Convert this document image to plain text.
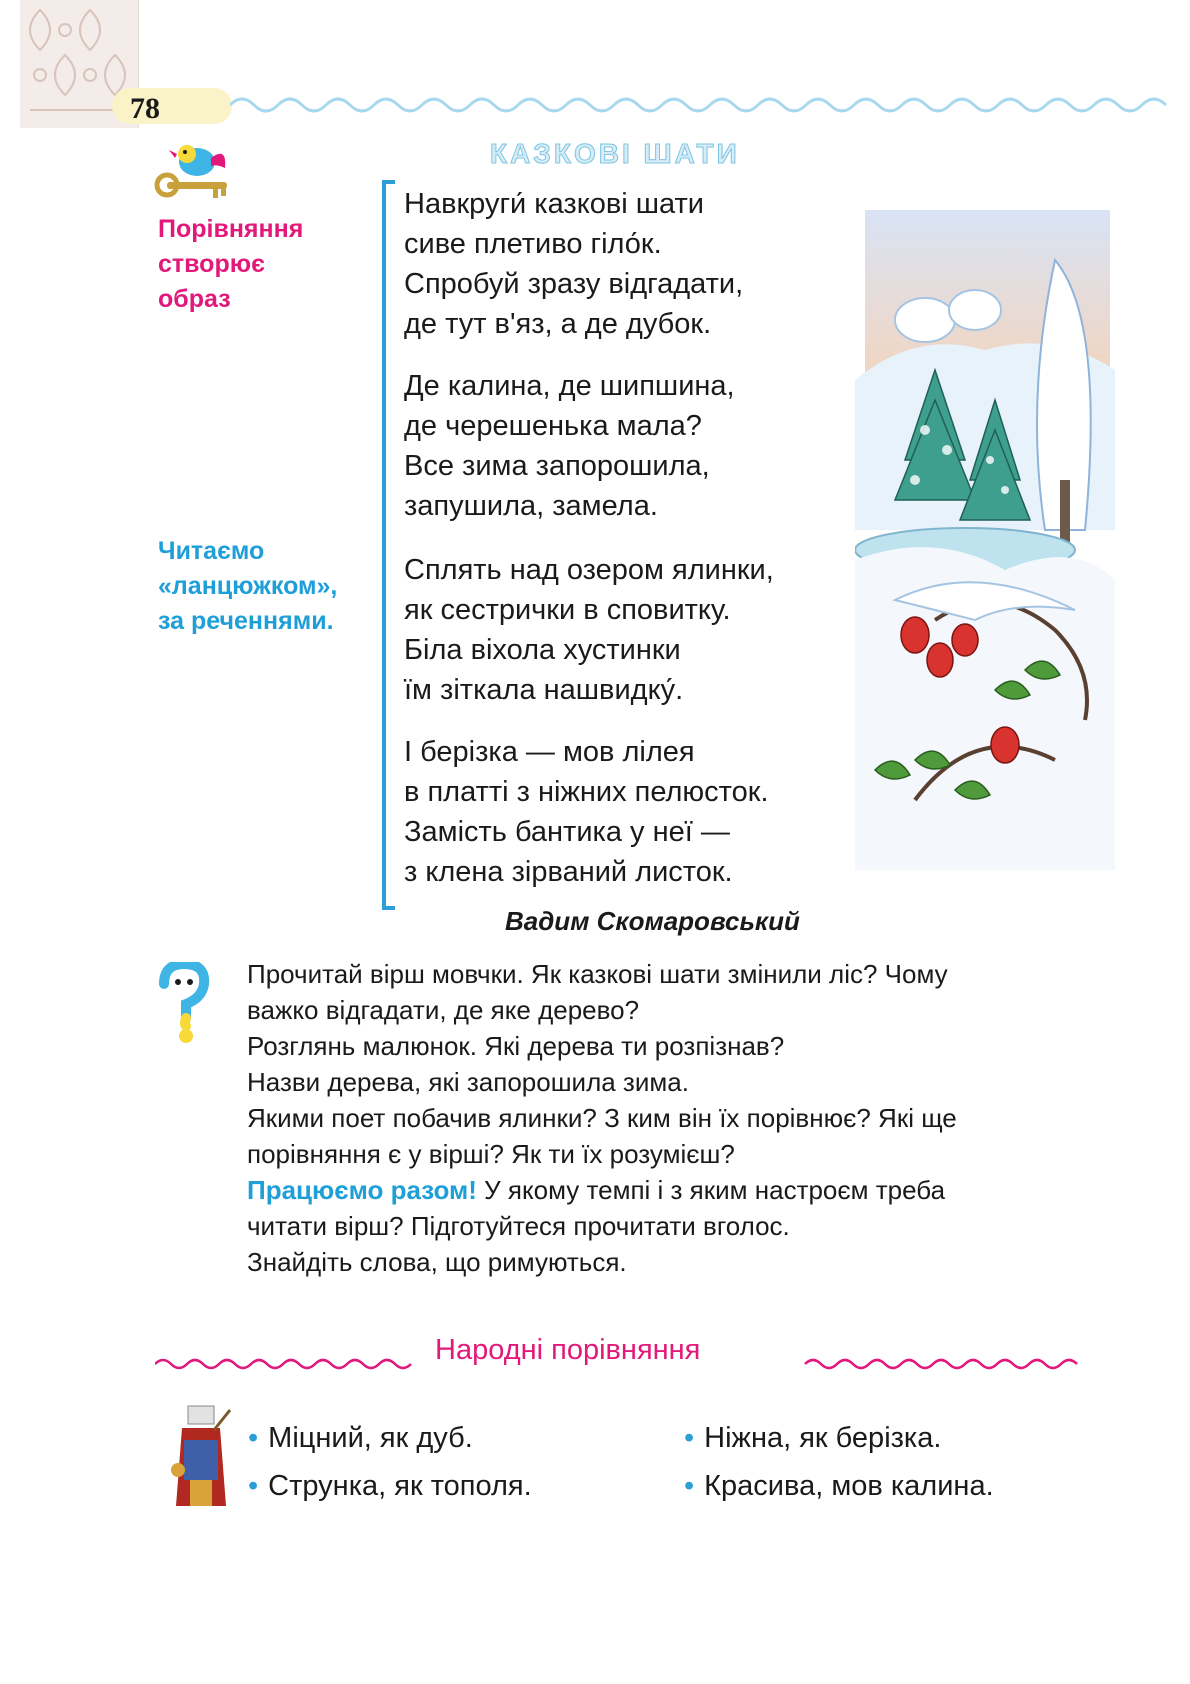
78
КАЗКОВІ ШАТИ
Порівняння
створює
образ
Читаємо
«ланцюжком»,
за реченнями.
Навкруги́ казкові шати
сиве плетиво гіло́к.
Спробуй зразу відгадати,
де тут в'яз, а де дубок.
Де калина, де шипшина,
де черешенька мала?
Все зима запорошила,
запушила, замела.
Сплять над озером ялинки,
як сестрички в сповитку.
Біла віхола хустинки
їм зіткала нашвидку́.
І берізка — мов лілея
в платті з ніжних пелюсток.
Замість бантика у неї —
з клена зірваний листок.
Вадим Скомаровський
Прочитай вірш мовчки. Як казкові шати змінили ліс? Чому
важко відгадати, де яке дерево?
Розглянь малюнок. Які дерева ти розпізнав?
Назви дерева, які запорошила зима.
Якими поет побачив ялинки? З ким він їх порівнює? Які ще
порівняння є у вірші? Як ти їх розумієш?
Працюємо разом! У якому темпі і з яким настроєм треба
читати вірш? Підготуйтеся прочитати вголос.
Знайдіть слова, що римуються.
Народні порівняння
• Міцний, як дуб.
• Струнка, як тополя.
• Ніжна, як берізка.
• Красива, мов калина.
